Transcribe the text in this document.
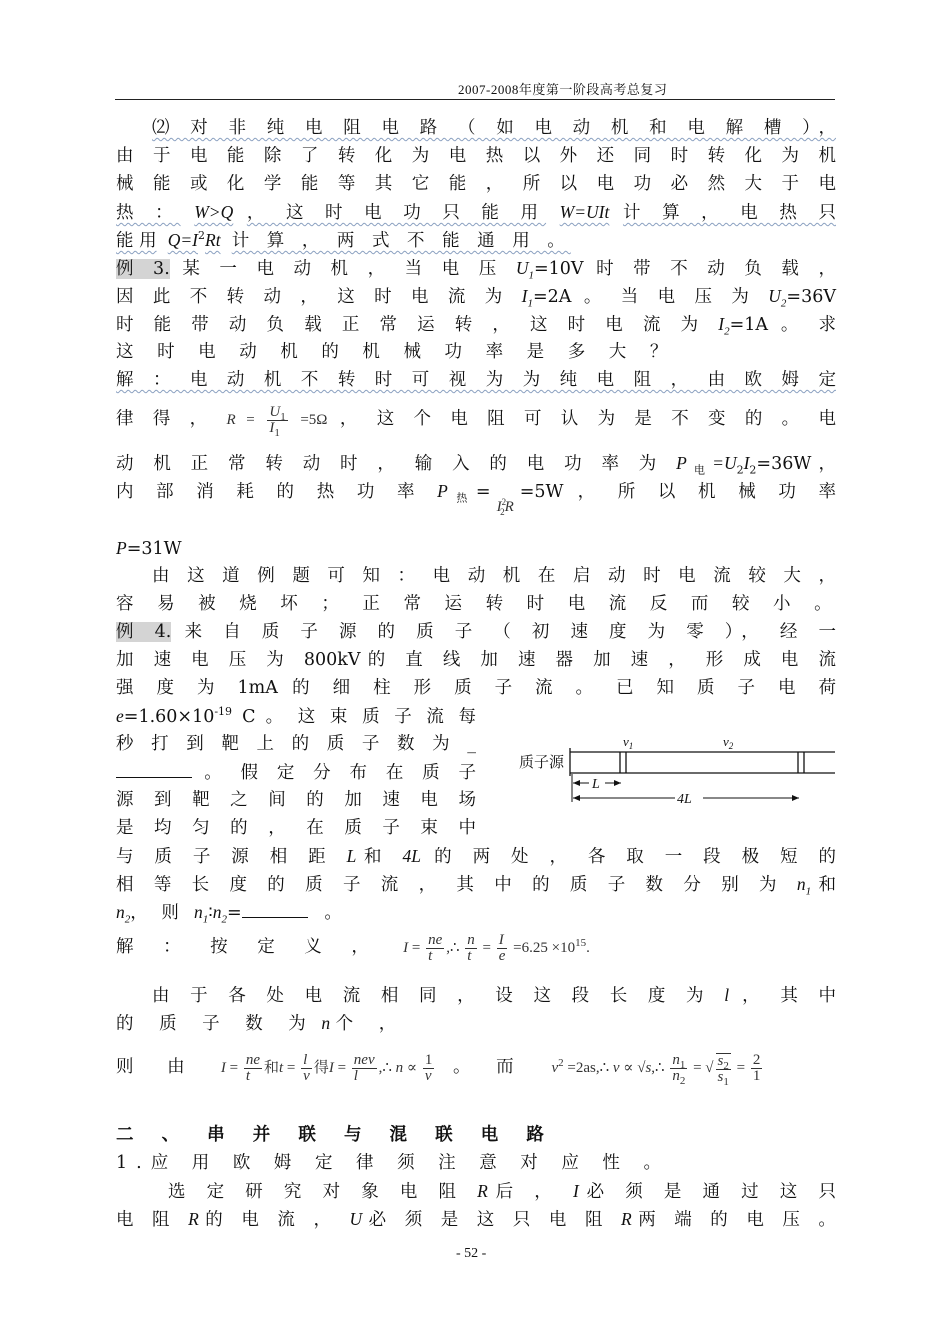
2007-2008年度第一阶段高考总复习
⑵ 对 非 纯 电 阻 电 路 （ 如 电 动 机 和 电 解 槽 ），
由 于 电 能 除 了 转 化 为 电 热 以 外 还 同 时 转 化 为 机
械 能 或 化 学 能 等 其 它 能 ， 所 以 电 功 必 然 大 于 电
热 ： W>Q ， 这 时 电 功 只 能 用 W=UIt 计 算 ， 电 热 只
能 用 $Q=I^2Rt$ 计 算 ， 两 式 不 能 通 用 。
例 3. 某 一 电 动 机 ， 当 电 压 $U_1=10V$ 时 带 不 动 负 载 ，
因 此 不 转 动 ， 这 时 电 流 为 $I_1=2A$ 。 当 电 压 为 $U_2=36V$
时 能 带 动 负 载 正 常 运 转 ， 这 时 电 流 为 $I_2=1A$ 。 求
这 时 电 动 机 的 机 械 功 率 是 多 大 ？
解 ： 电 动 机 不 转 时 可 视 为 为 纯 电 阻 ， 由 欧 姆 定
律 得 ， $R = \frac{U_1}{I_1} =5\Omega$ ， 这 个 电 阻 可 认 为 是 不 变 的 。 电
动 机 正 常 转 动 时 ， 输 入 的 电 功 率 为 $P_电=U_2I_2=36W$，
内 部 消 耗 的 热 功 率 $P_热=I^2_2R=5W$ ， 所 以 机 械 功 率
P=31W
由 这 道 例 题 可 知 ： 电 动 机 在 启 动 时 电 流 较 大 ，
容 易 被 烧 坏 ； 正 常 运 转 时 电 流 反 而 较 小 。
例 4. 来 自 质 子 源 的 质 子 （ 初 速 度 为 零 ）， 经 一
加 速 电 压 为 800kV的 直 线 加 速 器 加 速 ， 形 成 电 流
强 度 为 1mA 的 细 柱 形 质 子 流 。 已 知 质 子 电 荷
$e=1.60\times 10^{-19}$ C 。 这 束 质 子 流 每
秒 打 到 靶 上 的 质 子 数 为 _
。 假 定 分 布 在 质 子
源 到 靶 之 间 的 加 速 电 场
是 均 匀 的 ， 在 质 子 束 中
与 质 子 源 相 距 L和 4L 的 两 处 ， 各 取 一 段 极 短 的
相 等 长 度 的 质 子 流 ， 其 中 的 质 子 数 分 别 为 $n_1$和
$n_2$， 则 $n_1∶n_2=$	。
质子源
$v_1$	$v_2$
L
4L
解 ： 按 定 义 ， $I = \frac{ne}{t}$ ,∴ $\frac{n}{t} = \frac{I}{e} =6.25 \times 10^{15}$.
由 于 各 处 电 流 相 同 ， 设 这 段 长 度 为 l ， 其 中
的 质 子 数 为 n 个 ，
则 由 $I = \frac{ne}{t}$ 和$t = \frac{l}{v}$ 得$I = \frac{\text{nev}}{l}$ ,∴ $n \propto \frac{1}{v}$ 。 而 $v^2$ =2as,∴ v ∝ √s,∴ $\frac{n_1}{n_2}$ = √ $\frac{s_2}{s_1} = \frac{2}{1}$
二 、 串 并 联 与 混 联 电 路
1.应 用 欧 姆 定 律 须 注 意 对 应 性 。
选 定 研 究 对 象 电 阻 R后 ， I必 须 是 通 过 这 只
电 阻 R的 电 流 ， U必 须 是 这 只 电 阻 R两 端 的 电 压 。
- 52 -
